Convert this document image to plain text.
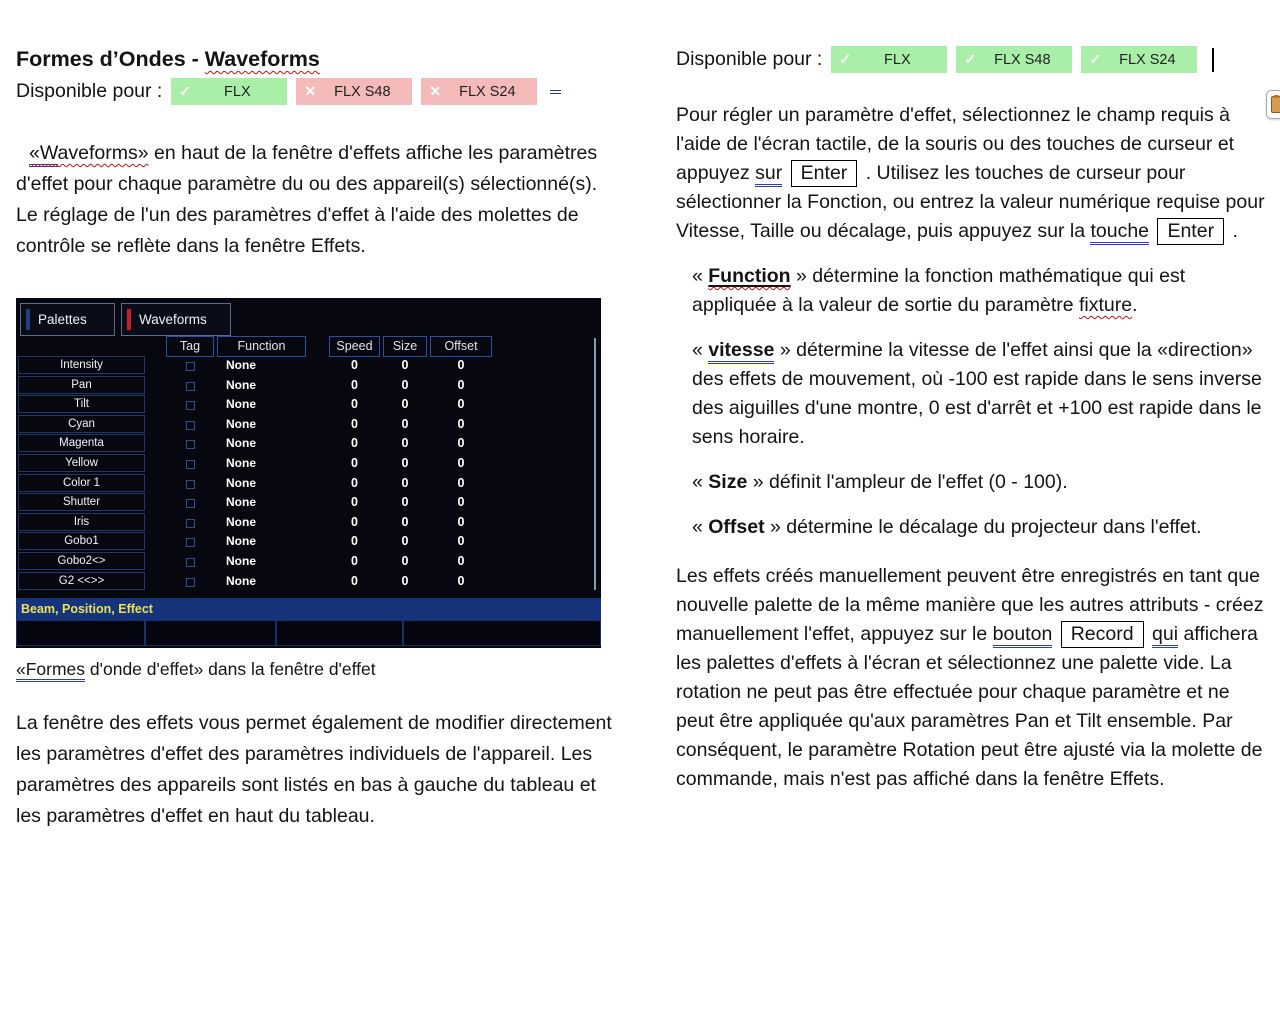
Formes d’Ondes - Waveforms
Disponible pour : ✓	FLX	✕	FLX S48	✕	FLX S24

«Waveforms» en haut de la fenêtre d'effets affiche les paramètres d'effet pour chaque paramètre du ou des appareil(s) sélectionné(s). Le réglage de l'un des paramètres d'effet à l'aide des molettes de contrôle se reflète dans la fenêtre Effets.

Palettes	Waveforms
Tag	Function	Speed	Size	Offset
Intensity	None	0	0	0
Pan	None	0	0	0
Tilt	None	0	0	0
Cyan	None	0	0	0
Magenta	None	0	0	0
Yellow	None	0	0	0
Color 1	None	0	0	0
Shutter	None	0	0	0
Iris	None	0	0	0
Gobo1	None	0	0	0
Gobo2<>	None	0	0	0
G2 <<>>	None	0	0	0
Beam, Position, Effect

«Formes d'onde d'effet» dans la fenêtre d'effet

La fenêtre des effets vous permet également de modifier directement les paramètres d'effet des paramètres individuels de l'appareil. Les paramètres des appareils sont listés en bas à gauche du tableau et les paramètres d'effet en haut du tableau.

Disponible pour : ✓	FLX	✓	FLX S48	✓	FLX S24

Pour régler un paramètre d'effet, sélectionnez le champ requis à l'aide de l'écran tactile, de la souris ou des touches de curseur et appuyez sur Enter . Utilisez les touches de curseur pour sélectionner la Fonction, ou entrez la valeur numérique requise pour Vitesse, Taille ou décalage, puis appuyez sur la touche Enter .

« Function » détermine la fonction mathématique qui est appliquée à la valeur de sortie du paramètre fixture.

« vitesse » détermine la vitesse de l'effet ainsi que la «direction» des effets de mouvement, où -100 est rapide dans le sens inverse des aiguilles d'une montre, 0 est d'arrêt et +100 est rapide dans le sens horaire.

« Size » définit l'ampleur de l'effet (0 - 100).

« Offset » détermine le décalage du projecteur dans l'effet.

Les effets créés manuellement peuvent être enregistrés en tant que nouvelle palette de la même manière que les autres attributs - créez manuellement l'effet, appuyez sur le bouton Record qui affichera les palettes d'effets à l'écran et sélectionnez une palette vide. La rotation ne peut pas être effectuée pour chaque paramètre et ne peut être appliquée qu'aux paramètres Pan et Tilt ensemble. Par conséquent, le paramètre Rotation peut être ajusté via la molette de commande, mais n'est pas affiché dans la fenêtre Effets.
